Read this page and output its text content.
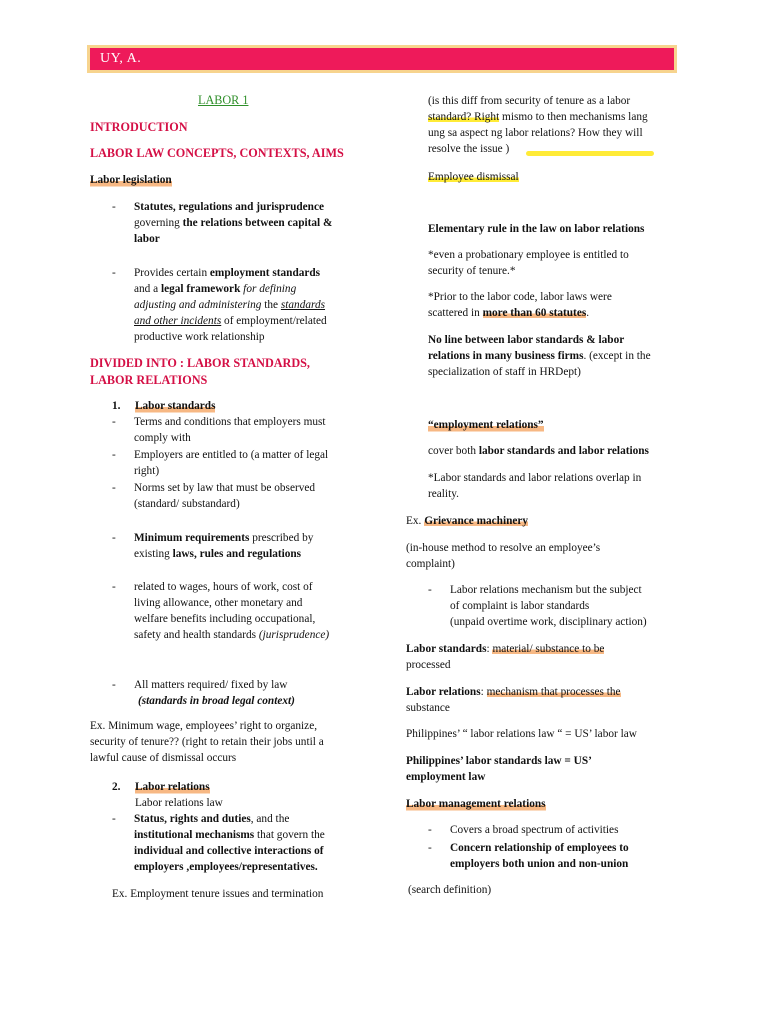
UY, A.
LABOR 1
INTRODUCTION
LABOR LAW CONCEPTS, CONTEXTS, AIMS
Labor legislation
- Statutes, regulations and jurisprudence
governing the relations between capital &
labor
- Provides certain employment standards
and a legal framework for defining
adjusting and administering the standards
and other incidents of employment/related
productive work relationship
DIVIDED INTO : LABOR STANDARDS,
LABOR RELATIONS
1. Labor standards
- Terms and conditions that employers must
comply with
- Employers are entitled to (a matter of legal
right)
- Norms set by law that must be observed
(standard/ substandard)
- Minimum requirements prescribed by
existing laws, rules and regulations
- related to wages, hours of work, cost of
living allowance, other monetary and
welfare benefits including occupational,
safety and health standards (jurisprudence)
- All matters required/ fixed by law
(standards in broad legal context)
Ex. Minimum wage, employees’ right to organize,
security of tenure?? (right to retain their jobs until a
lawful cause of dismissal occurs
2. Labor relations
Labor relations law
- Status, rights and duties, and the
institutional mechanisms that govern the
individual and collective interactions of
employers ,employees/representatives.
Ex. Employment tenure issues and termination
(is this diff from security of tenure as a labor
standard? Right mismo to then mechanisms lang
ung sa aspect ng labor relations? How they will
resolve the issue )
Employee dismissal
Elementary rule in the law on labor relations
*even a probationary employee is entitled to
security of tenure.*
*Prior to the labor code, labor laws were
scattered in more than 60 statutes.
No line between labor standards & labor
relations in many business firms. (except in the
specialization of staff in HRDept)
“employment relations”
cover both labor standards and labor relations
*Labor standards and labor relations overlap in
reality.
Ex. Grievance machinery
(in-house method to resolve an employee’s
complaint)
- Labor relations mechanism but the subject
of complaint is labor standards
(unpaid overtime work, disciplinary action)
Labor standards: material/ substance to be
processed
Labor relations: mechanism that processes the
substance
Philippines’ “ labor relations law “ = US’ labor law
Philippines’ labor standards law = US’
employment law
Labor management relations
- Covers a broad spectrum of activities
- Concern relationship of employees to
employers both union and non-union
(search definition)
